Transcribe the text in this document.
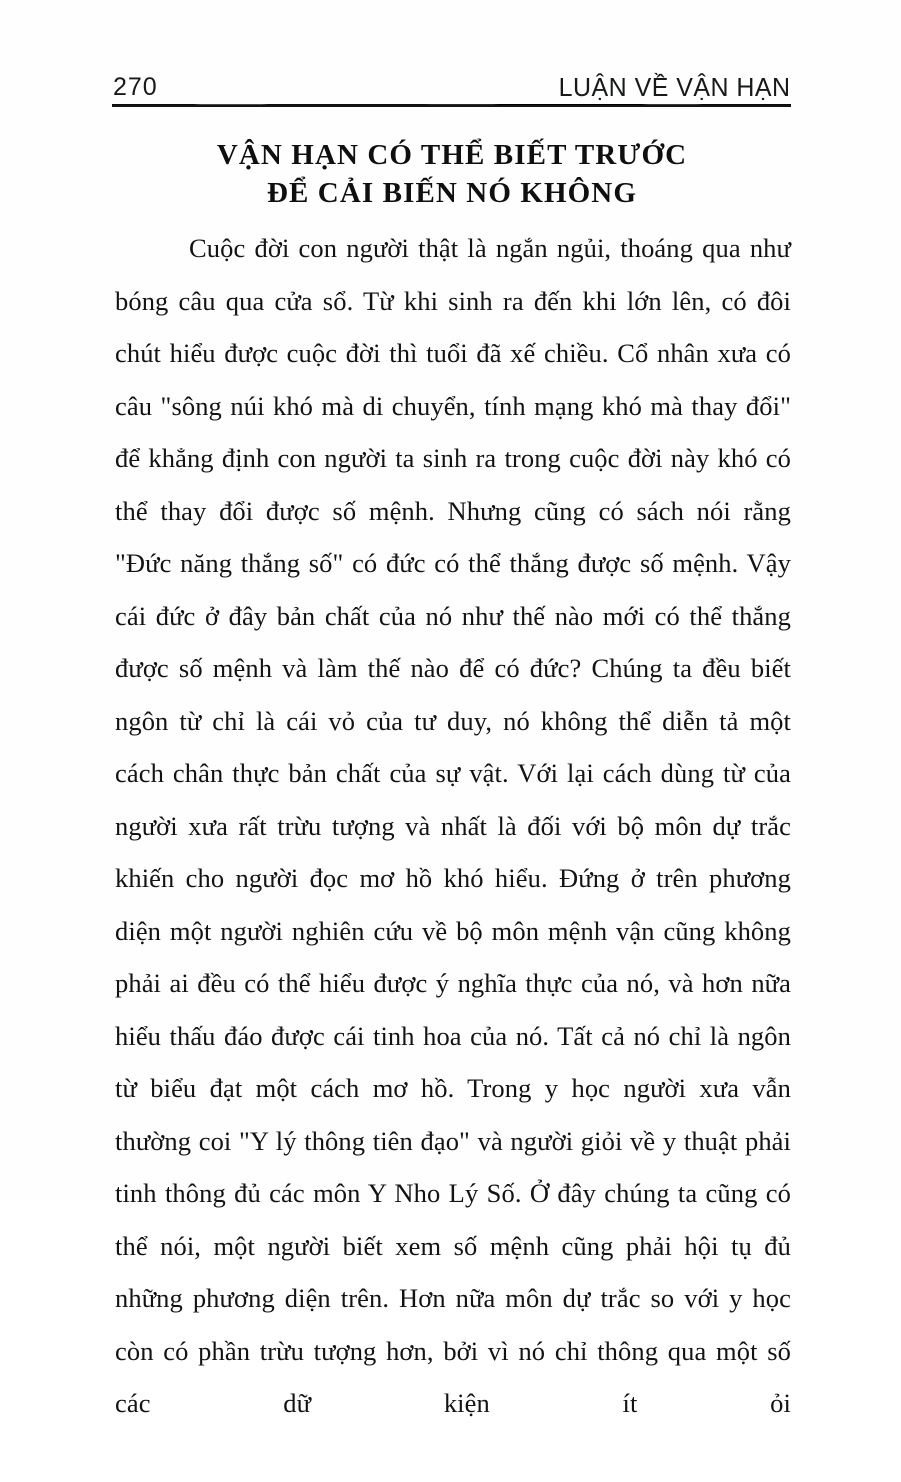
270	LUẬN VỀ VẬN HẠN
VẬN HẠN CÓ THỂ BIẾT TRƯỚC
ĐỂ CẢI BIẾN NÓ KHÔNG

Cuộc đời con người thật là ngắn ngủi, thoáng qua như bóng câu qua cửa sổ. Từ khi sinh ra đến khi lớn lên, có đôi chút hiểu được cuộc đời thì tuổi đã xế chiều. Cổ nhân xưa có câu "sông núi khó mà di chuyển, tính mạng khó mà thay đổi" để khẳng định con người ta sinh ra trong cuộc đời này khó có thể thay đổi được số mệnh. Nhưng cũng có sách nói rằng "Đức năng thắng số" có đức có thể thắng được số mệnh. Vậy cái đức ở đây bản chất của nó như thế nào mới có thể thắng được số mệnh và làm thế nào để có đức? Chúng ta đều biết ngôn từ chỉ là cái vỏ của tư duy, nó không thể diễn tả một cách chân thực bản chất của sự vật. Với lại cách dùng từ của người xưa rất trừu tượng và nhất là đối với bộ môn dự trắc khiến cho người đọc mơ hồ khó hiểu. Đứng ở trên phương diện một người nghiên cứu về bộ môn mệnh vận cũng không phải ai đều có thể hiểu được ý nghĩa thực của nó, và hơn nữa hiểu thấu đáo được cái tinh hoa của nó. Tất cả nó chỉ là ngôn từ biểu đạt một cách mơ hồ. Trong y học người xưa vẫn thường coi "Y lý thông tiên đạo" và người giỏi về y thuật phải tinh thông đủ các môn Y Nho Lý Số. Ở đây chúng ta cũng có thể nói, một người biết xem số mệnh cũng phải hội tụ đủ những phương diện trên. Hơn nữa môn dự trắc so với y học còn có phần trừu tượng hơn, bởi vì nó chỉ thông qua một số các dữ kiện ít ỏi
